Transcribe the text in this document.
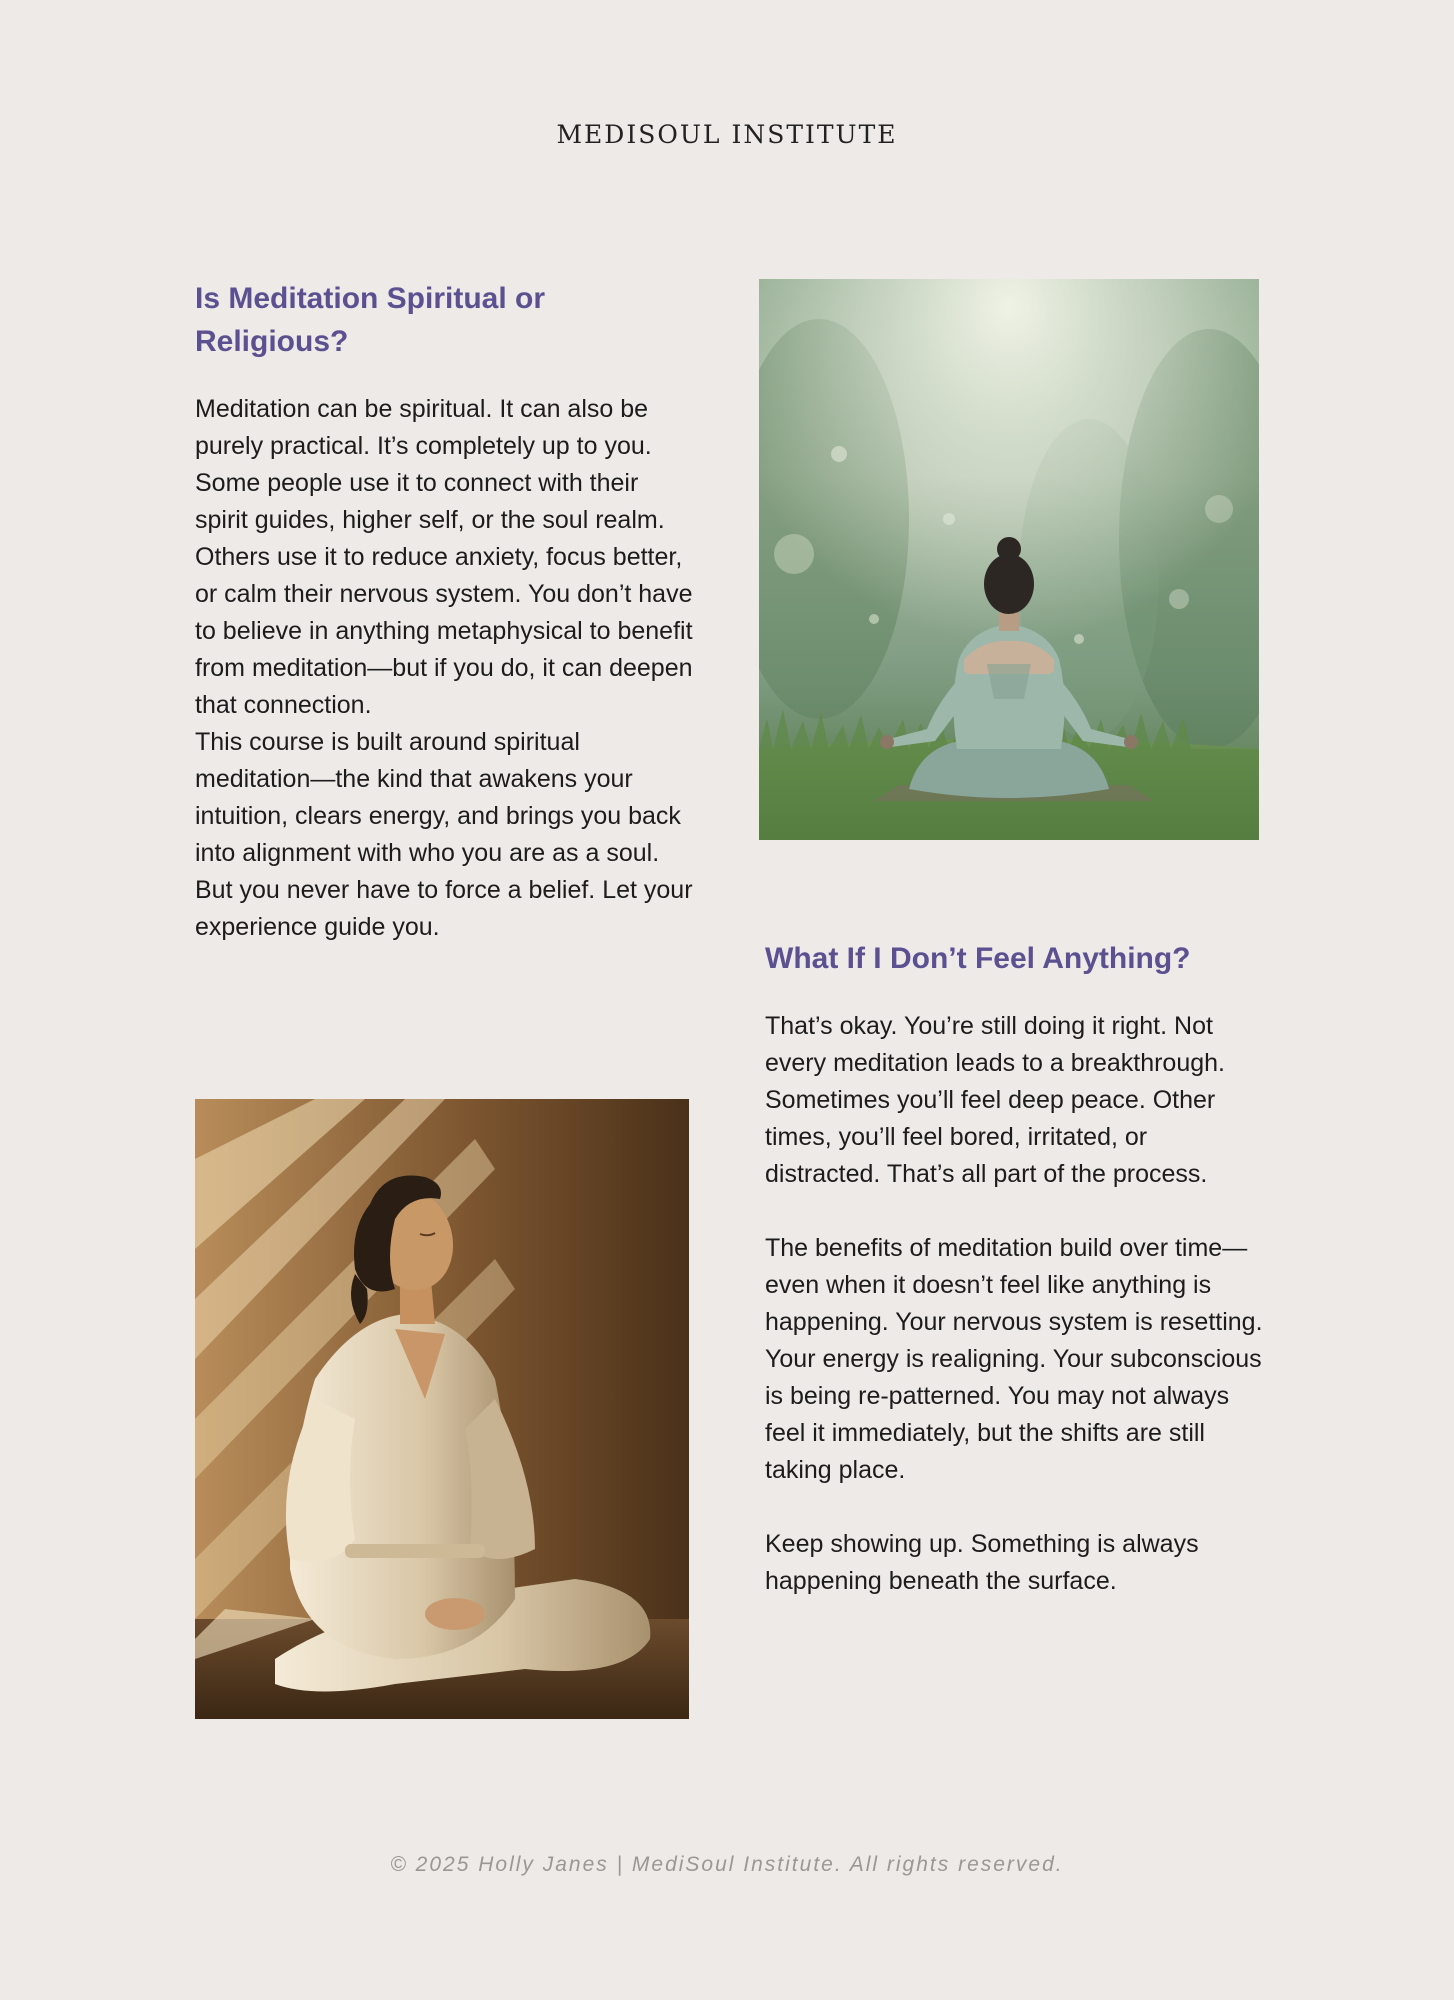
MEDISOUL INSTITUTE
Is Meditation Spiritual or Religious?

Meditation can be spiritual. It can also be purely practical. It’s completely up to you.

Some people use it to connect with their spirit guides, higher self, or the soul realm. Others use it to reduce anxiety, focus better, or calm their nervous system. You don’t have to believe in anything metaphysical to benefit from meditation—but if you do, it can deepen that connection.

This course is built around spiritual meditation—the kind that awakens your intuition, clears energy, and brings you back into alignment with who you are as a soul. But you never have to force a belief. Let your experience guide you.

What If I Don’t Feel Anything?

That’s okay. You’re still doing it right. Not every meditation leads to a breakthrough. Sometimes you’ll feel deep peace. Other times, you’ll feel bored, irritated, or distracted. That’s all part of the process.

The benefits of meditation build over time—even when it doesn’t feel like anything is happening. Your nervous system is resetting. Your energy is realigning. Your subconscious is being re-patterned. You may not always feel it immediately, but the shifts are still taking place.

Keep showing up. Something is always happening beneath the surface.

© 2025 Holly Janes | MediSoul Institute. All rights reserved.
